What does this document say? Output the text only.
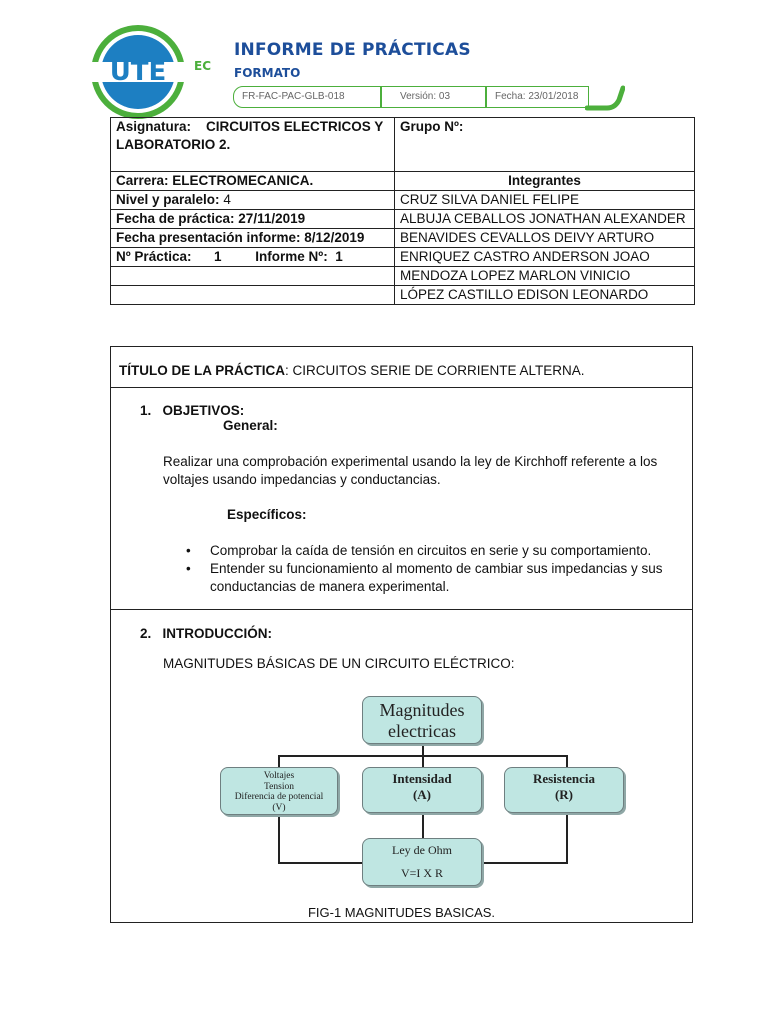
UTE EC
INFORME DE PRÁCTICAS
FORMATO
FR-FAC-PAC-GLB-018	Versión: 03	Fecha: 23/01/2018
Asignatura: CIRCUITOS ELECTRICOS Y LABORATORIO 2.	Grupo Nº:
Carrera: ELECTROMECANICA.	Integrantes
Nivel y paralelo: 4	CRUZ SILVA DANIEL FELIPE
Fecha de práctica: 27/11/2019	ALBUJA CEBALLOS JONATHAN ALEXANDER
Fecha presentación informe: 8/12/2019	BENAVIDES CEVALLOS DEIVY ARTURO
Nº Práctica: 1 Informe Nº: 1	ENRIQUEZ CASTRO ANDERSON JOAO
	MENDOZA LOPEZ MARLON VINICIO
	LÓPEZ CASTILLO EDISON LEONARDO
TÍTULO DE LA PRÁCTICA: CIRCUITOS SERIE DE CORRIENTE ALTERNA.
1.   OBJETIVOS:
General:
Realizar una comprobación experimental usando la ley de Kirchhoff referente a los voltajes usando impedancias y conductancias.
Específicos:
• Comprobar la caída de tensión en circuitos en serie y su comportamiento.
• Entender su funcionamiento al momento de cambiar sus impedancias y sus conductancias de manera experimental.
2.   INTRODUCCIÓN:
MAGNITUDES BÁSICAS DE UN CIRCUITO ELÉCTRICO:
FIG-1 MAGNITUDES BASICAS.
Magnitudes
electricas
Voltajes
Tension
Diferencia de potencial
(V)
Intensidad
(A)
Resistencia
(R)
Ley de Ohm
V=I X R
